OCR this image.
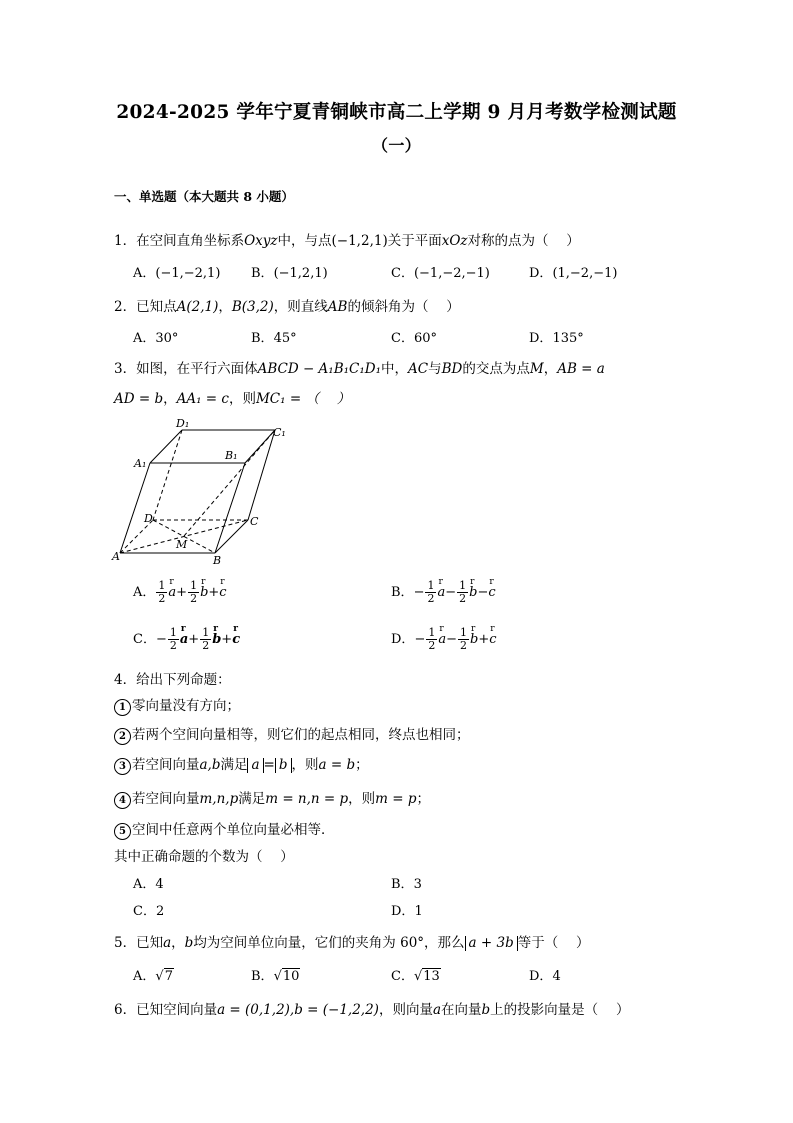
2024-2025 学年宁夏青铜峡市高二上学期 9 月月考数学检测试题
（一）
一、单选题（本大题共 8 小题）
1．在空间直角坐标系Oxyz中，与点(−1,2,1)关于平面xOz对称的点为（　 ）
A．(−1,−2,1) B．(−1,2,1)	C．(−1,−2,−1)	D．(1,−2,−1)
2．已知点A(2,1)，B(3,2)，则直线AB的倾斜角为（　 ）
A．30°	B．45°	C．60°	D．135°
3．如图，在平行六面体ABCD − A₁B₁C₁D₁中，AC与BD的交点为点M，AB = a
AD = b，AA₁ = c，则MC₁ = （　 ）
D₁
C₁
A₁
B₁
D	C
A
M
B
A． $\frac{1}{2}$ r
$a+ \frac{1}{2}$ r
b+
r
c	B．− $\frac{1}{2}$ r
$a- \frac{1}{2}$ r
b−
r
c
C．− $\frac{1}{2}$ r
$a+ \frac{1}{2}$ r
b+
r
c	D．− $\frac{1}{2}$ r
$a- \frac{1}{2}$ r
b+
r
c
4．给出下列命题：
1 零向量没有方向；
2 若两个空间向量相等，则它们的起点相同，终点也相同；
3 若空间向量a,b满足 a = b ，则a = b；
4 若空间向量m,n,p满足m = n,n = p，则m = p；
5 空间中任意两个单位向量必相等．
其中正确命题的个数为（　 ）
A．4	B．3
C．2	D．1
5．已知a，b均为空间单位向量，它们的夹角为 60°，那么 a + 3b 等于（　 ）
A．√7	B．√10	C．√13	D．4
6．已知空间向量a = (0,1,2),b = (−1,2,2)，则向量a在向量b上的投影向量是（　 ）
